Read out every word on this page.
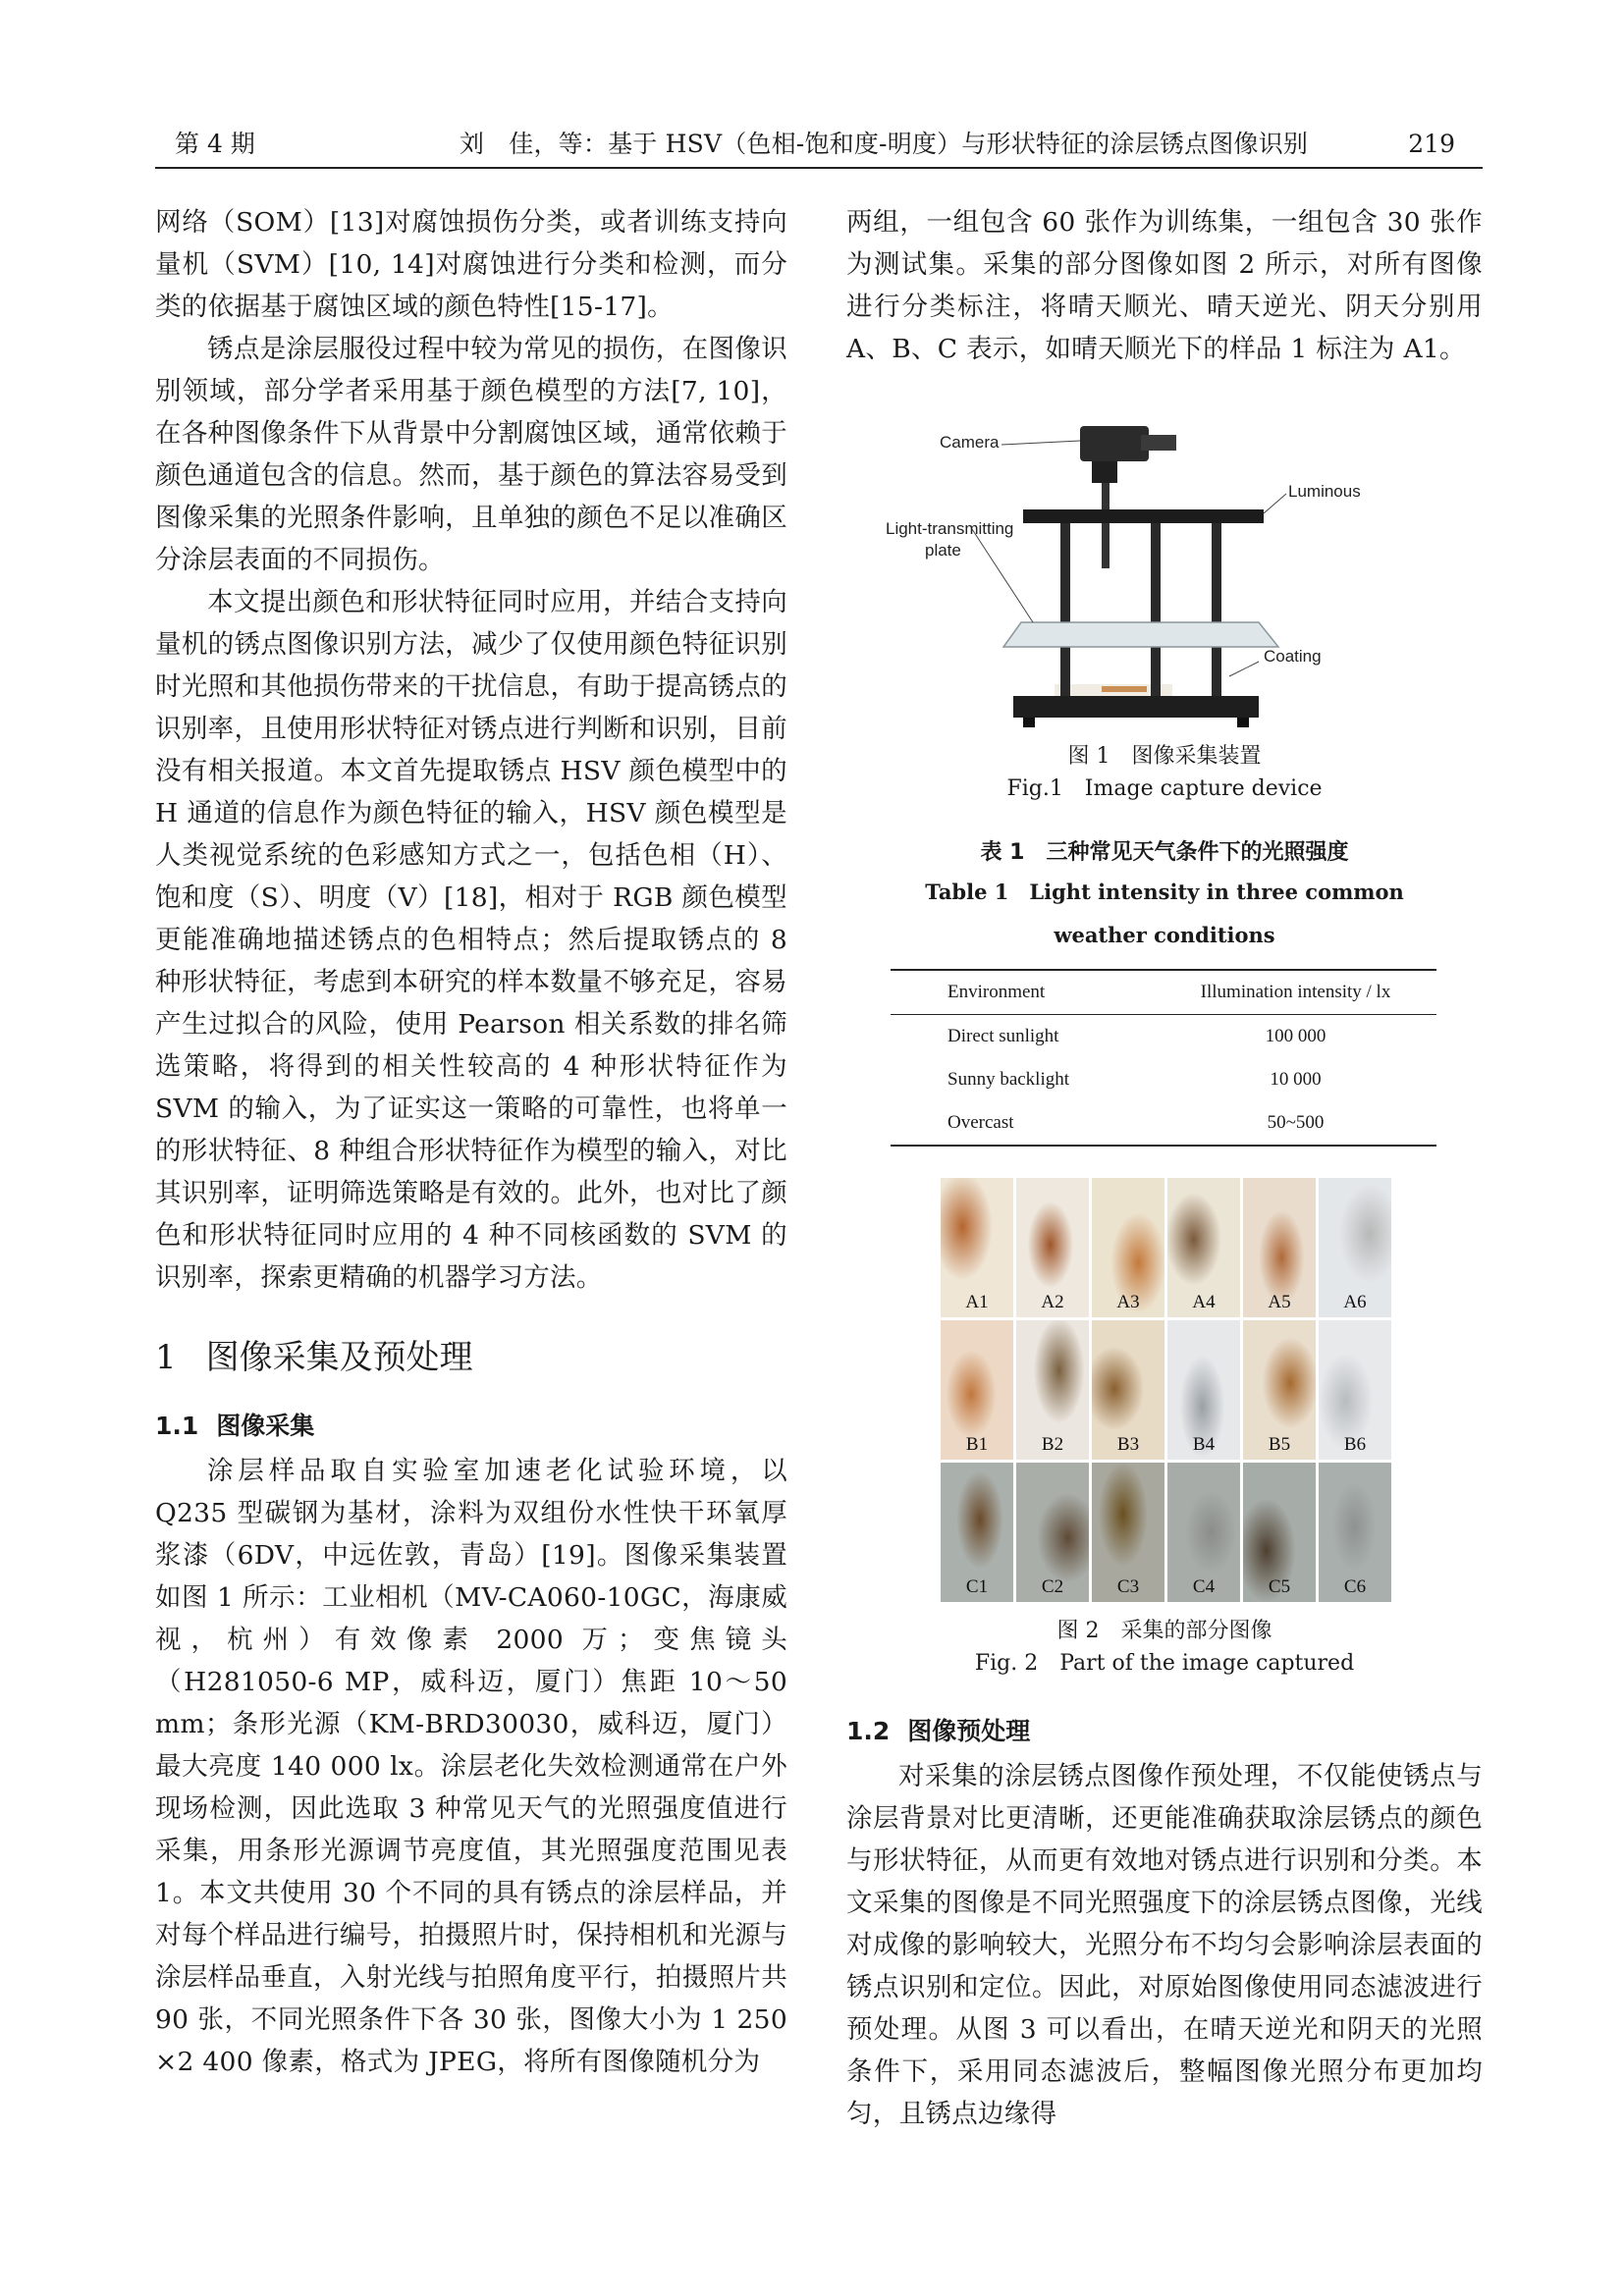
第 4 期	刘　佳，等：基于 HSV（色相-饱和度-明度）与形状特征的涂层锈点图像识别	219

网络（SOM）[13]对腐蚀损伤分类，或者训练支持向量机（SVM）[10, 14]对腐蚀进行分类和检测，而分类的依据基于腐蚀区域的颜色特性[15-17]。

锈点是涂层服役过程中较为常见的损伤，在图像识别领域，部分学者采用基于颜色模型的方法[7, 10]，在各种图像条件下从背景中分割腐蚀区域，通常依赖于颜色通道包含的信息。然而，基于颜色的算法容易受到图像采集的光照条件影响，且单独的颜色不足以准确区分涂层表面的不同损伤。

本文提出颜色和形状特征同时应用，并结合支持向量机的锈点图像识别方法，减少了仅使用颜色特征识别时光照和其他损伤带来的干扰信息，有助于提高锈点的识别率，且使用形状特征对锈点进行判断和识别，目前没有相关报道。本文首先提取锈点 HSV 颜色模型中的 H 通道的信息作为颜色特征的输入，HSV 颜色模型是人类视觉系统的色彩感知方式之一，包括色相（H）、饱和度（S）、明度（V）[18]，相对于 RGB 颜色模型更能准确地描述锈点的色相特点；然后提取锈点的 8 种形状特征，考虑到本研究的样本数量不够充足，容易产生过拟合的风险，使用 Pearson 相关系数的排名筛选策略，将得到的相关性较高的 4 种形状特征作为 SVM 的输入，为了证实这一策略的可靠性，也将单一的形状特征、8 种组合形状特征作为模型的输入，对比其识别率，证明筛选策略是有效的。此外，也对比了颜色和形状特征同时应用的 4 种不同核函数的 SVM 的识别率，探索更精确的机器学习方法。

1 图像采集及预处理
1.1 图像采集

涂层样品取自实验室加速老化试验环境，以 Q235 型碳钢为基材，涂料为双组份水性快干环氧厚浆漆（6DV，中远佐敦，青岛）[19]。图像采集装置如图 1 所示：工业相机（MV-CA060-10GC，海康威视，杭州）有效像素 2000 万；变焦镜头（H281050-6 MP，威科迈，厦门）焦距 10～50 mm；条形光源（KM-BRD30030，威科迈，厦门）最大亮度 140 000 lx。涂层老化失效检测通常在户外现场检测，因此选取 3 种常见天气的光照强度值进行采集，用条形光源调节亮度值，其光照强度范围见表 1。本文共使用 30 个不同的具有锈点的涂层样品，并对每个样品进行编号，拍摄照片时，保持相机和光源与涂层样品垂直，入射光线与拍照角度平行，拍摄照片共 90 张，不同光照条件下各 30 张，图像大小为 1 250 ×2 400 像素，格式为 JPEG，将所有图像随机分为

两组，一组包含 60 张作为训练集，一组包含 30 张作为测试集。采集的部分图像如图 2 所示，对所有图像进行分类标注，将晴天顺光、晴天逆光、阴天分别用 A、B、C 表示，如晴天顺光下的样品 1 标注为 A1。

Camera
Luminous
Light-transmitting
plate
Coating
图 1　图像采集装置
Fig.1　Image capture device
表 1　三种常见天气条件下的光照强度
Table 1　Light intensity in three common
weather conditions
Environment	Illumination intensity / lx
Direct sunlight	100 000
Sunny backlight	10 000
Overcast	50~500
A1	A2	A3	A4	A5	A6
B1	B2	B3	B4	B5	B6
C1	C2	C3	C4	C5	C6
图 2　采集的部分图像
Fig. 2　Part of the image captured
1.2 图像预处理

对采集的涂层锈点图像作预处理，不仅能使锈点与涂层背景对比更清晰，还更能准确获取涂层锈点的颜色与形状特征，从而更有效地对锈点进行识别和分类。本文采集的图像是不同光照强度下的涂层锈点图像，光线对成像的影响较大，光照分布不均匀会影响涂层表面的锈点识别和定位。因此，对原始图像使用同态滤波进行预处理。从图 3 可以看出，在晴天逆光和阴天的光照条件下，采用同态滤波后，整幅图像光照分布更加均匀，且锈点边缘得
